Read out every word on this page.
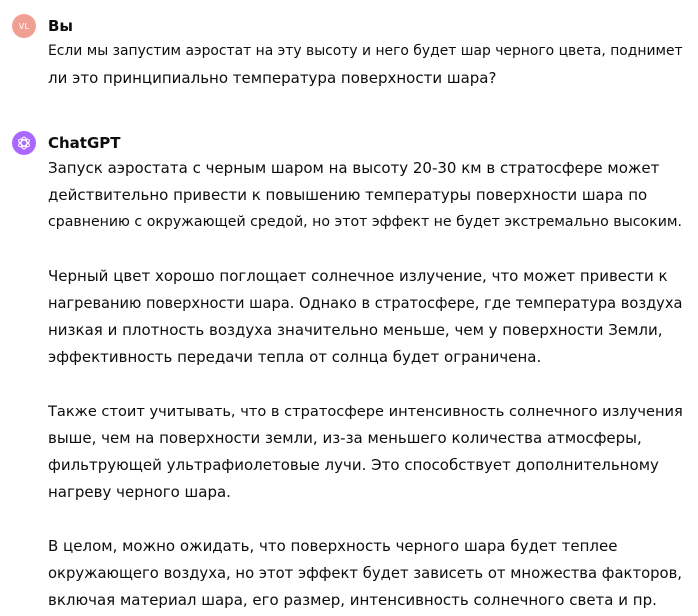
VL Вы

Если мы запустим аэростат на эту высоту и него будет шар черного цвета, поднимет
ли это принципиально температура поверхности шара?

ChatGPT

Запуск аэростата с черным шаром на высоту 20-30 км в стратосфере может
действительно привести к повышению температуры поверхности шара по
сравнению с окружающей средой, но этот эффект не будет экстремально высоким.

Черный цвет хорошо поглощает солнечное излучение, что может привести к
нагреванию поверхности шара. Однако в стратосфере, где температура воздуха
низкая и плотность воздуха значительно меньше, чем у поверхности Земли,
эффективность передачи тепла от солнца будет ограничена.

Также стоит учитывать, что в стратосфере интенсивность солнечного излучения
выше, чем на поверхности земли, из-за меньшего количества атмосферы,
фильтрующей ультрафиолетовые лучи. Это способствует дополнительному
нагреву черного шара.

В целом, можно ожидать, что поверхность черного шара будет теплее
окружающего воздуха, но этот эффект будет зависеть от множества факторов,
включая материал шара, его размер, интенсивность солнечного света и пр.
